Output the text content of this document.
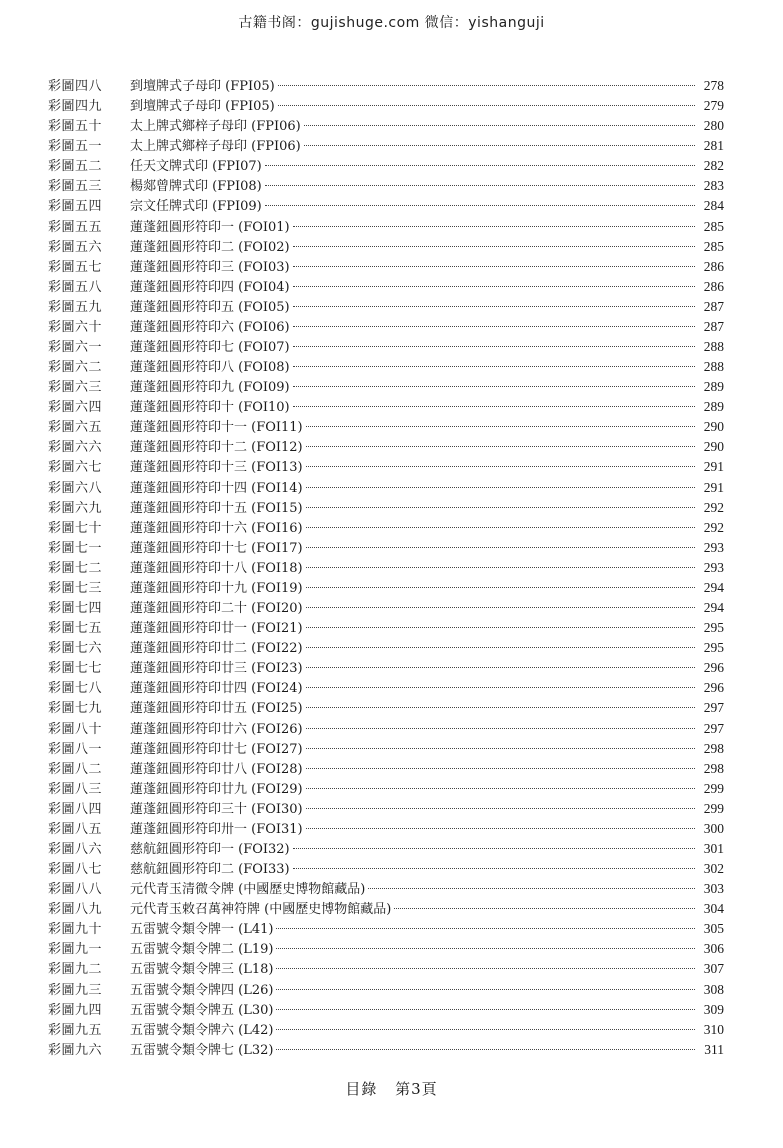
古籍书阁：gujishuge.com 微信：yishanguji
彩圖四八	到壇牌式子母印 (FPI05)	278
彩圖四九	到壇牌式子母印 (FPI05)	279
彩圖五十	太上牌式鄉梓子母印 (FPI06)	280
彩圖五一	太上牌式鄉梓子母印 (FPI06)	281
彩圖五二	任天文牌式印 (FPI07)	282
彩圖五三	楊郯曾牌式印 (FPI08)	283
彩圖五四	宗文任牌式印 (FPI09)	284
彩圖五五	蓮蓬鈕圓形符印一 (FOI01)	285
彩圖五六	蓮蓬鈕圓形符印二 (FOI02)	285
彩圖五七	蓮蓬鈕圓形符印三 (FOI03)	286
彩圖五八	蓮蓬鈕圓形符印四 (FOI04)	286
彩圖五九	蓮蓬鈕圓形符印五 (FOI05)	287
彩圖六十	蓮蓬鈕圓形符印六 (FOI06)	287
彩圖六一	蓮蓬鈕圓形符印七 (FOI07)	288
彩圖六二	蓮蓬鈕圓形符印八 (FOI08)	288
彩圖六三	蓮蓬鈕圓形符印九 (FOI09)	289
彩圖六四	蓮蓬鈕圓形符印十 (FOI10)	289
彩圖六五	蓮蓬鈕圓形符印十一 (FOI11)	290
彩圖六六	蓮蓬鈕圓形符印十二 (FOI12)	290
彩圖六七	蓮蓬鈕圓形符印十三 (FOI13)	291
彩圖六八	蓮蓬鈕圓形符印十四 (FOI14)	291
彩圖六九	蓮蓬鈕圓形符印十五 (FOI15)	292
彩圖七十	蓮蓬鈕圓形符印十六 (FOI16)	292
彩圖七一	蓮蓬鈕圓形符印十七 (FOI17)	293
彩圖七二	蓮蓬鈕圓形符印十八 (FOI18)	293
彩圖七三	蓮蓬鈕圓形符印十九 (FOI19)	294
彩圖七四	蓮蓬鈕圓形符印二十 (FOI20)	294
彩圖七五	蓮蓬鈕圓形符印廿一 (FOI21)	295
彩圖七六	蓮蓬鈕圓形符印廿二 (FOI22)	295
彩圖七七	蓮蓬鈕圓形符印廿三 (FOI23)	296
彩圖七八	蓮蓬鈕圓形符印廿四 (FOI24)	296
彩圖七九	蓮蓬鈕圓形符印廿五 (FOI25)	297
彩圖八十	蓮蓬鈕圓形符印廿六 (FOI26)	297
彩圖八一	蓮蓬鈕圓形符印廿七 (FOI27)	298
彩圖八二	蓮蓬鈕圓形符印廿八 (FOI28)	298
彩圖八三	蓮蓬鈕圓形符印廿九 (FOI29)	299
彩圖八四	蓮蓬鈕圓形符印三十 (FOI30)	299
彩圖八五	蓮蓬鈕圓形符印卅一 (FOI31)	300
彩圖八六	慈航鈕圓形符印一 (FOI32)	301
彩圖八七	慈航鈕圓形符印二 (FOI33)	302
彩圖八八	元代青玉清微令牌 (中國歷史博物館藏品)	303
彩圖八九	元代青玉敕召萬神符牌 (中國歷史博物館藏品)	304
彩圖九十	五雷號令類令牌一 (L41)	305
彩圖九一	五雷號令類令牌二 (L19)	306
彩圖九二	五雷號令類令牌三 (L18)	307
彩圖九三	五雷號令類令牌四 (L26)	308
彩圖九四	五雷號令類令牌五 (L30)	309
彩圖九五	五雷號令類令牌六 (L42)	310
彩圖九六	五雷號令類令牌七 (L32)	311
目錄 第3頁
